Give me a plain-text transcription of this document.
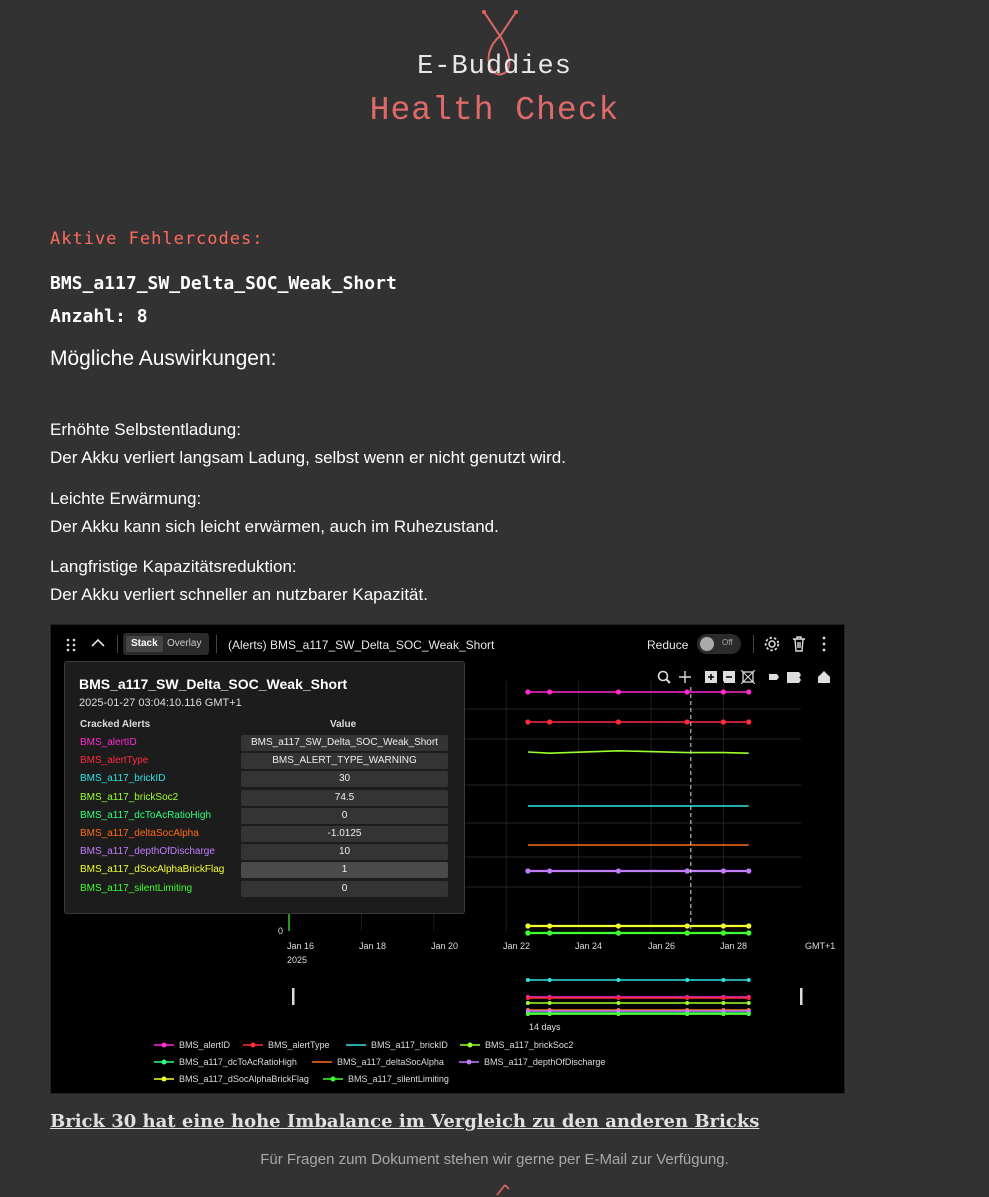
E-Buddies
Health Check
Aktive Fehlercodes:
BMS_a117_SW_Delta_SOC_Weak_Short
Anzahl: 8
Mögliche Auswirkungen:
Erhöhte Selbstentladung:
Der Akku verliert langsam Ladung, selbst wenn er nicht genutzt wird.
Leichte Erwärmung:
Der Akku kann sich leicht erwärmen, auch im Ruhezustand.
Langfristige Kapazitätsreduktion:
Der Akku verliert schneller an nutzbarer Kapazität.
Stack Overlay	(Alerts) BMS_a117_SW_Delta_SOC_Weak_Short	Reduce	Off
0
Jan 16
2025
Jan 18	Jan 20	Jan 22	Jan 24	Jan 26	Jan 28	GMT+1
14 days
BMS_a117_SW_Delta_SOC_Weak_Short
2025-01-27 03:04:10.116 GMT+1
Cracked Alerts	Value
BMS_alertID	BMS_a117_SW_Delta_SOC_Weak_Short
BMS_alertType	BMS_ALERT_TYPE_WARNING
BMS_a117_brickID	30
BMS_a117_brickSoc2	74.5
BMS_a117_dcToAcRatioHigh	0
BMS_a117_deltaSocAlpha	-1.0125
BMS_a117_depthOfDischarge	10
BMS_a117_dSocAlphaBrickFlag	1
BMS_a117_silentLimiting	0
BMS_alertID	BMS_alertType	BMS_a117_brickID	BMS_a117_brickSoc2
BMS_a117_dcToAcRatioHigh	BMS_a117_deltaSocAlpha	BMS_a117_depthOfDischarge
BMS_a117_dSocAlphaBrickFlag	BMS_a117_silentLimiting
Brick 30 hat eine hohe Imbalance im Vergleich zu den anderen Bricks
Für Fragen zum Dokument stehen wir gerne per E-Mail zur Verfügung.
